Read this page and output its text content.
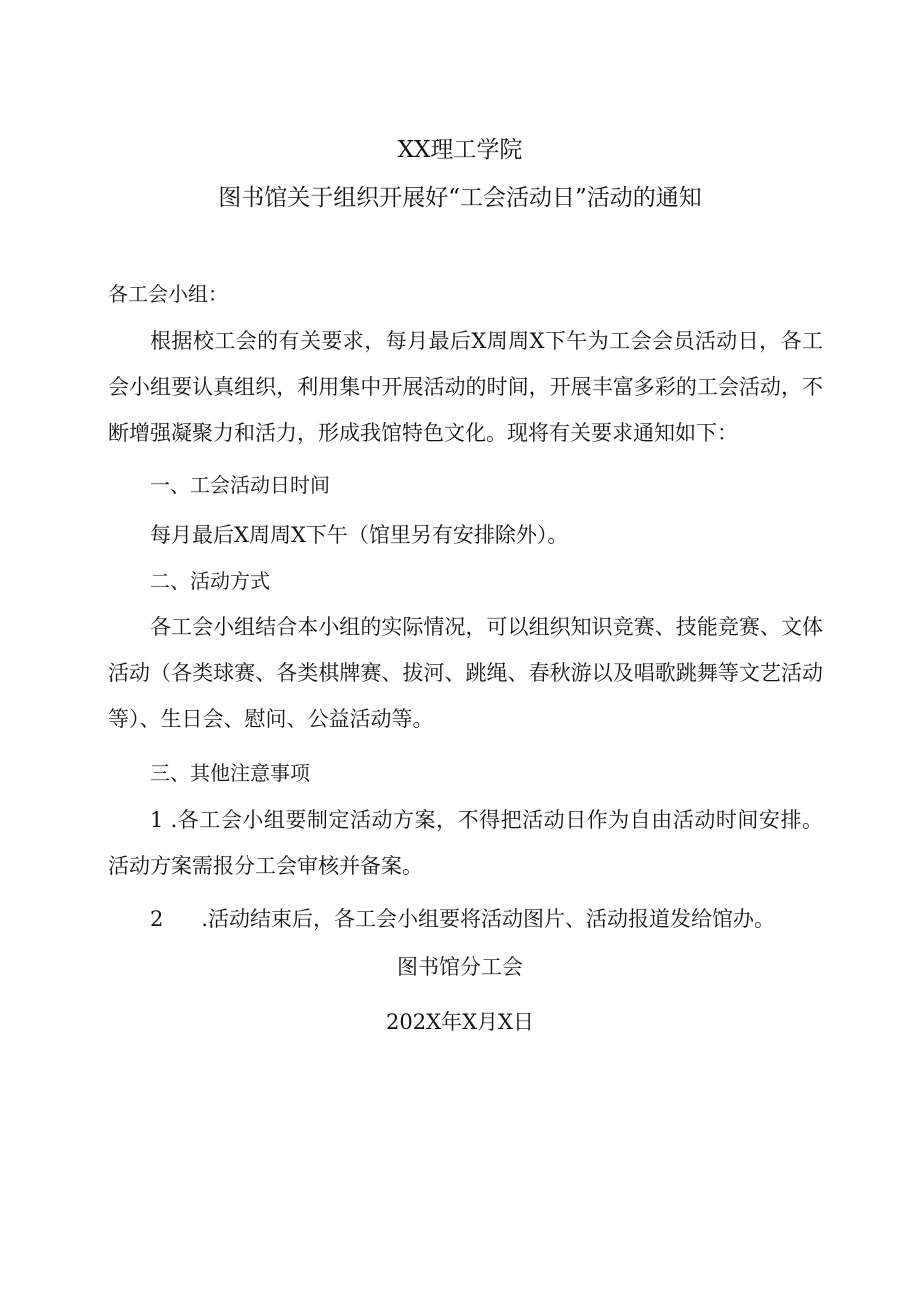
XX理工学院
图书馆关于组织开展好“工会活动日”活动的通知
各工会小组：
根据校工会的有关要求，每月最后X周周X下午为工会会员活动日，各工会小组要认真组织，利用集中开展活动的时间，开展丰富多彩的工会活动，不断增强凝聚力和活力，形成我馆特色文化。现将有关要求通知如下：
一、工会活动日时间
每月最后X周周X下午（馆里另有安排除外）。
二、活动方式
各工会小组结合本小组的实际情况，可以组织知识竞赛、技能竞赛、文体活动（各类球赛、各类棋牌赛、拔河、跳绳、春秋游以及唱歌跳舞等文艺活动等）、生日会、慰问、公益活动等。
三、其他注意事项
1 .各工会小组要制定活动方案，不得把活动日作为自由活动时间安排。活动方案需报分工会审核并备案。
2 .活动结束后，各工会小组要将活动图片、活动报道发给馆办。
图书馆分工会
202X年X月X日
